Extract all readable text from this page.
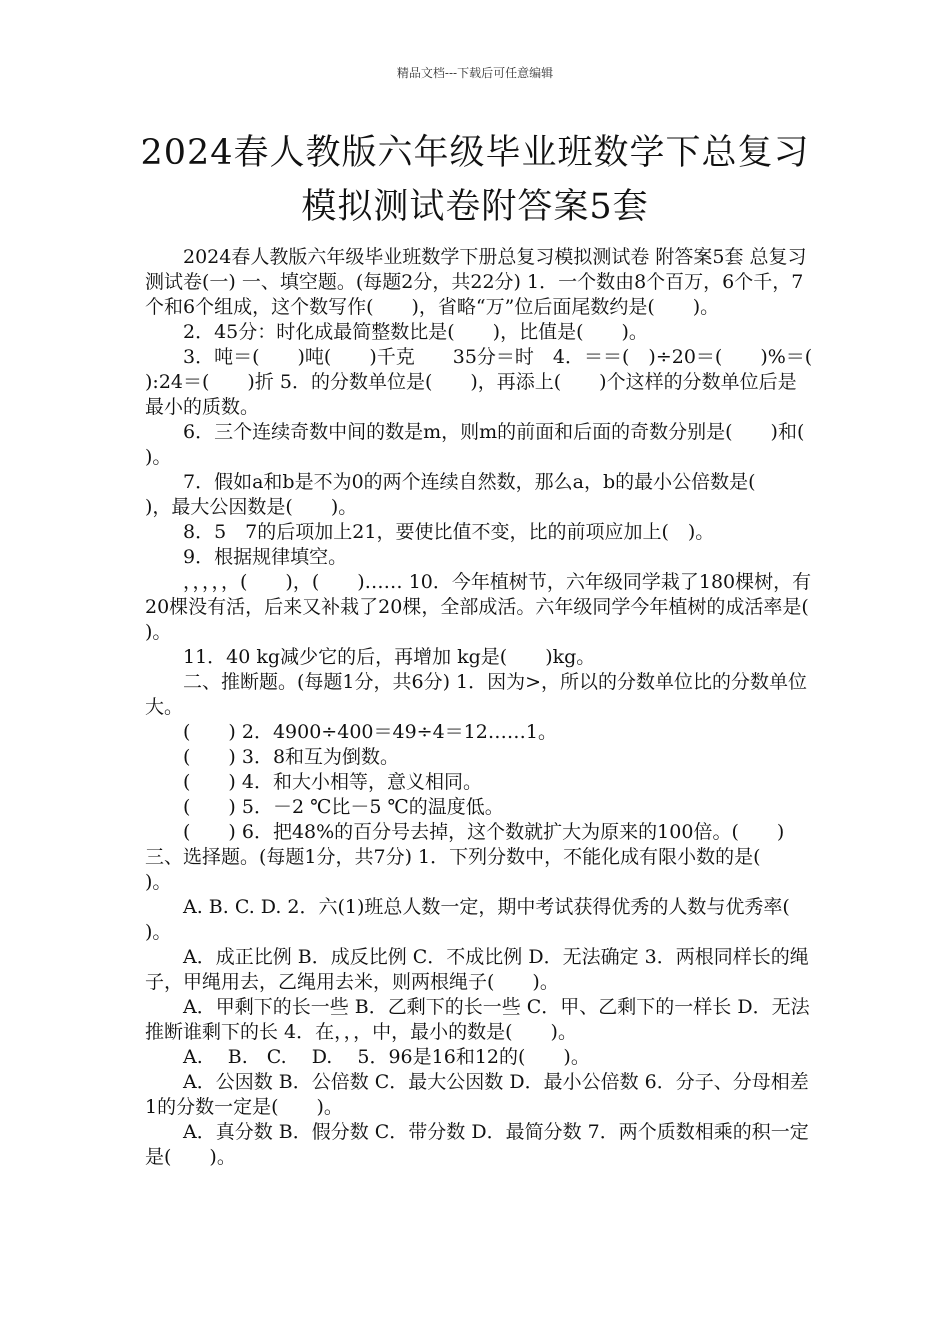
精品文档---下载后可任意编辑
2024春人教版六年级毕业班数学下总复习
模拟测试卷附答案5套

2024春人教版六年级毕业班数学下册总复习模拟测试卷 附答案5套 总复习测试卷(一) 一、填空题。(每题2分，共22分) 1．一个数由8个百万，6个千，7个和6个组成，这个数写作(　　)，省略“万”位后面尾数约是(　　)。

2．45分：时化成最简整数比是(　　)，比值是(　　)。

3．吨＝(　　)吨(　　)千克　　35分＝时　4．＝＝(　)÷20＝(　　)%＝(　　):24＝(　　)折 5．的分数单位是(　　)，再添上(　　)个这样的分数单位后是最小的质数。

6．三个连续奇数中间的数是m，则m的前面和后面的奇数分别是(　　)和(　　)。

7．假如a和b是不为0的两个连续自然数，那么a，b的最小公倍数是(　　)，最大公因数是(　　)。

8．5　7的后项加上21，要使比值不变，比的前项应加上(　)。

9．根据规律填空。

，，，，，(　　)，(　　)…… 10．今年植树节，六年级同学栽了180棵树，有20棵没有活，后来又补栽了20棵，全部成活。六年级同学今年植树的成活率是(　　)。

11．40 kg减少它的后，再增加 kg是(　　)kg。

二、推断题。(每题1分，共6分) 1．因为>，所以的分数单位比的分数单位大。

(　　) 2．4900÷400＝49÷4＝12……1。

(　　) 3．8和互为倒数。

(　　) 4．和大小相等，意义相同。

(　　) 5．－2 ℃比－5 ℃的温度低。

(　　) 6．把48%的百分号去掉，这个数就扩大为原来的100倍。(　　) 三、选择题。(每题1分，共7分) 1．下列分数中，不能化成有限小数的是(　　)。

A. B. C. D. 2．六(1)班总人数一定，期中考试获得优秀的人数与优秀率(　　)。

A．成正比例 B．成反比例 C．不成比例 D．无法确定 3．两根同样长的绳子，甲绳用去，乙绳用去米，则两根绳子(　　)。

A．甲剩下的长一些 B．乙剩下的长一些 C．甲、乙剩下的一样长 D．无法推断谁剩下的长 4．在，，，中，最小的数是(　　)。

A.　 B.　C.　 D.　 5．96是16和12的(　　)。

A．公因数 B．公倍数 C．最大公因数 D．最小公倍数 6．分子、分母相差1的分数一定是(　　)。

A．真分数 B．假分数 C．带分数 D．最简分数 7．两个质数相乘的积一定是(　　)。
